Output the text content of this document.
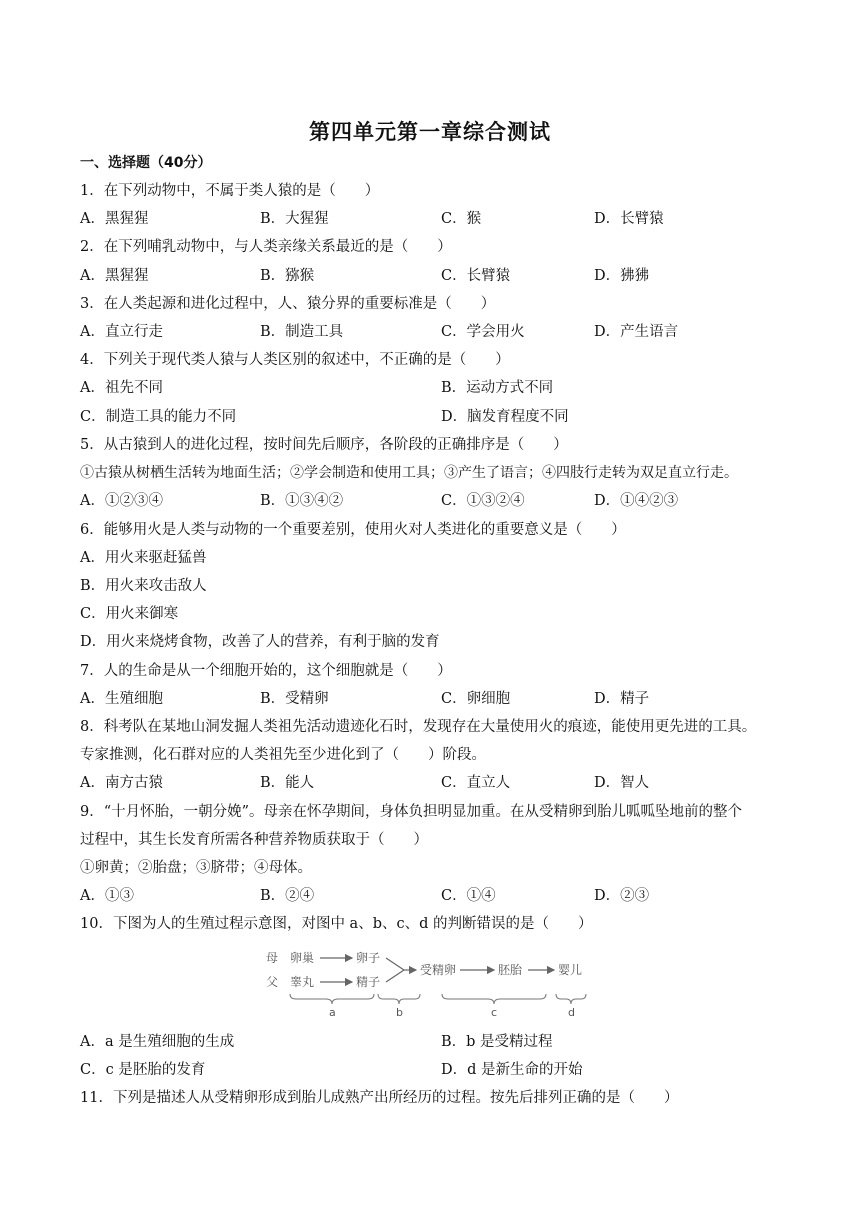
第四单元第一章综合测试
一、选择题（40分）
1．在下列动物中，不属于类人猿的是（　　）
A．黑猩猩	B．大猩猩	C．猴	D．长臂猿
2．在下列哺乳动物中，与人类亲缘关系最近的是（　　）
A．黑猩猩	B．猕猴	C．长臂猿	D．狒狒
3．在人类起源和进化过程中，人、猿分界的重要标准是（　　）
A．直立行走	B．制造工具	C．学会用火	D．产生语言
4．下列关于现代类人猿与人类区别的叙述中，不正确的是（　　）
A．祖先不同	B．运动方式不同
C．制造工具的能力不同	D．脑发育程度不同
5．从古猿到人的进化过程，按时间先后顺序，各阶段的正确排序是（　　）
①古猿从树栖生活转为地面生活；②学会制造和使用工具；③产生了语言；④四肢行走转为双足直立行走。
A．①②③④	B．①③④②	C．①③②④	D．①④②③
6．能够用火是人类与动物的一个重要差别，使用火对人类进化的重要意义是（　　）
A．用火来驱赶猛兽
B．用火来攻击敌人
C．用火来御寒
D．用火来烧烤食物，改善了人的营养，有利于脑的发育
7．人的生命是从一个细胞开始的，这个细胞就是（　　）
A．生殖细胞	B．受精卵	C．卵细胞	D．精子
8．科考队在某地山洞发掘人类祖先活动遗迹化石时，发现存在大量使用火的痕迹，能使用更先进的工具。
专家推测，化石群对应的人类祖先至少进化到了（　　）阶段。
A．南方古猿	B．能人	C．直立人	D．智人
9．“十月怀胎，一朝分娩”。母亲在怀孕期间，身体负担明显加重。在从受精卵到胎儿呱呱坠地前的整个
过程中，其生长发育所需各种营养物质获取于（　　）
①卵黄；②胎盘；③脐带；④母体。
A．①③	B．②④	C．①④	D．②③
10．下图为人的生殖过程示意图，对图中 a、b、c、d 的判断错误的是（　　）
母 卵巢	卵子
父 睾丸	精子
受精卵	胚胎	婴儿
a	b	c	d
A．a 是生殖细胞的生成	B．b 是受精过程
C．c 是胚胎的发育	D．d 是新生命的开始
11．下列是描述人从受精卵形成到胎儿成熟产出所经历的过程。按先后排列正确的是（　　）
